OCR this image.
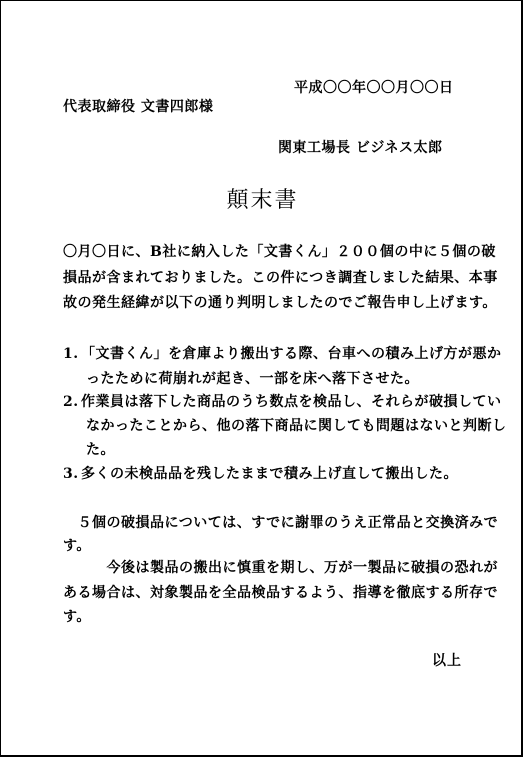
平成〇〇年〇〇月〇〇日
代表取締役 文書四郎様
関東工場長 ビジネス太郎
顛末書
〇月〇日に、B社に納入した「文書くん」２００個の中に５個の破
損品が含まれておりました。この件につき調査しました結果、本事
故の発生経緯が以下の通り判明しましたのでご報告申し上げます。
1. 「文書くん」を倉庫より搬出する際、台車への積み上げ方が悪か
ったために荷崩れが起き、一部を床へ落下させた。
2. 作業員は落下した商品のうち数点を検品し、それらが破損してい
なかったことから、他の落下商品に関しても問題はないと判断し
た。
3. 多くの未検品品を残したままで積み上げ直して搬出した。
　５個の破損品については、すでに謝罪のうえ正常品と交換済みで
す。
　　　今後は製品の搬出に慎重を期し、万が一製品に破損の恐れが
ある場合は、対象製品を全品検品するよう、指導を徹底する所存で
す。
以上
